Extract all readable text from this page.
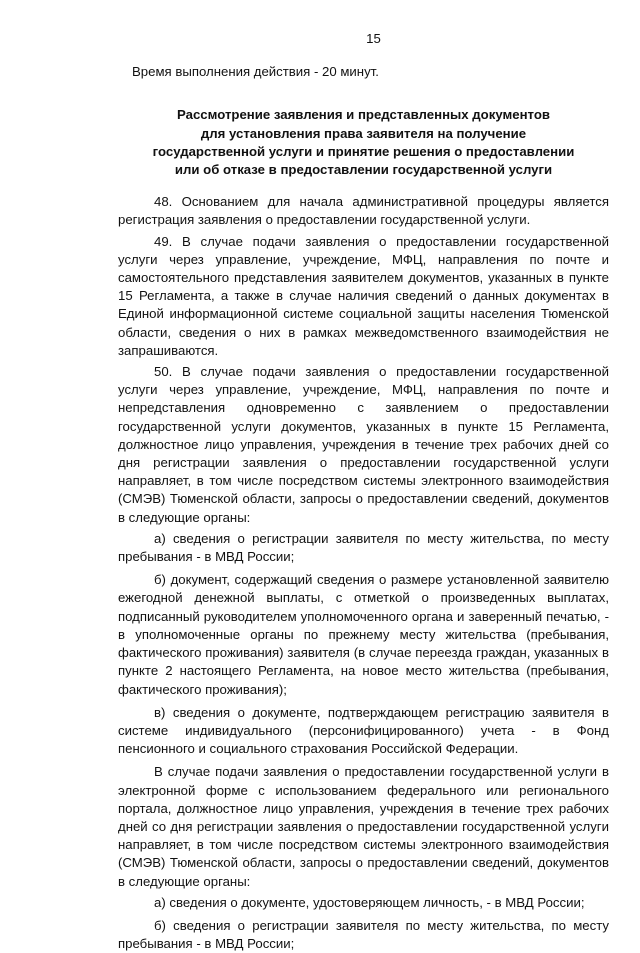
15

Время выполнения действия - 20 минут.

Рассмотрение заявления и представленных документов
для установления права заявителя на получение
государственной услуги и принятие решения о предоставлении
или об отказе в предоставлении государственной услуги

48. Основанием для начала административной процедуры является регистрация заявления о предоставлении государственной услуги.

49. В случае подачи заявления о предоставлении государственной услуги через управление, учреждение, МФЦ, направления по почте и самостоятельного представления заявителем документов, указанных в пункте 15 Регламента, а также в случае наличия сведений о данных документах в Единой информационной системе социальной защиты населения Тюменской области, сведения о них в рамках межведомственного взаимодействия не запрашиваются.

50. В случае подачи заявления о предоставлении государственной услуги через управление, учреждение, МФЦ, направления по почте и непредставления одновременно с заявлением о предоставлении государственной услуги документов, указанных в пункте 15 Регламента, должностное лицо управления, учреждения в течение трех рабочих дней со дня регистрации заявления о предоставлении государственной услуги направляет, в том числе посредством системы электронного взаимодействия (СМЭВ) Тюменской области, запросы о предоставлении сведений, документов в следующие органы:

а) сведения о регистрации заявителя по месту жительства, по месту пребывания - в МВД России;

б) документ, содержащий сведения о размере установленной заявителю ежегодной денежной выплаты, с отметкой о произведенных выплатах, подписанный руководителем уполномоченного органа и заверенный печатью, - в уполномоченные органы по прежнему месту жительства (пребывания, фактического проживания) заявителя (в случае переезда граждан, указанных в пункте 2 настоящего Регламента, на новое место жительства (пребывания, фактического проживания);

в) сведения о документе, подтверждающем регистрацию заявителя в системе индивидуального (персонифицированного) учета - в Фонд пенсионного и социального страхования Российской Федерации.

В случае подачи заявления о предоставлении государственной услуги в электронной форме с использованием федерального или регионального портала, должностное лицо управления, учреждения в течение трех рабочих дней со дня регистрации заявления о предоставлении государственной услуги направляет, в том числе посредством системы электронного взаимодействия (СМЭВ) Тюменской области, запросы о предоставлении сведений, документов в следующие органы:

а) сведения о документе, удостоверяющем личность, - в МВД России;

б) сведения о регистрации заявителя по месту жительства, по месту пребывания - в МВД России;
